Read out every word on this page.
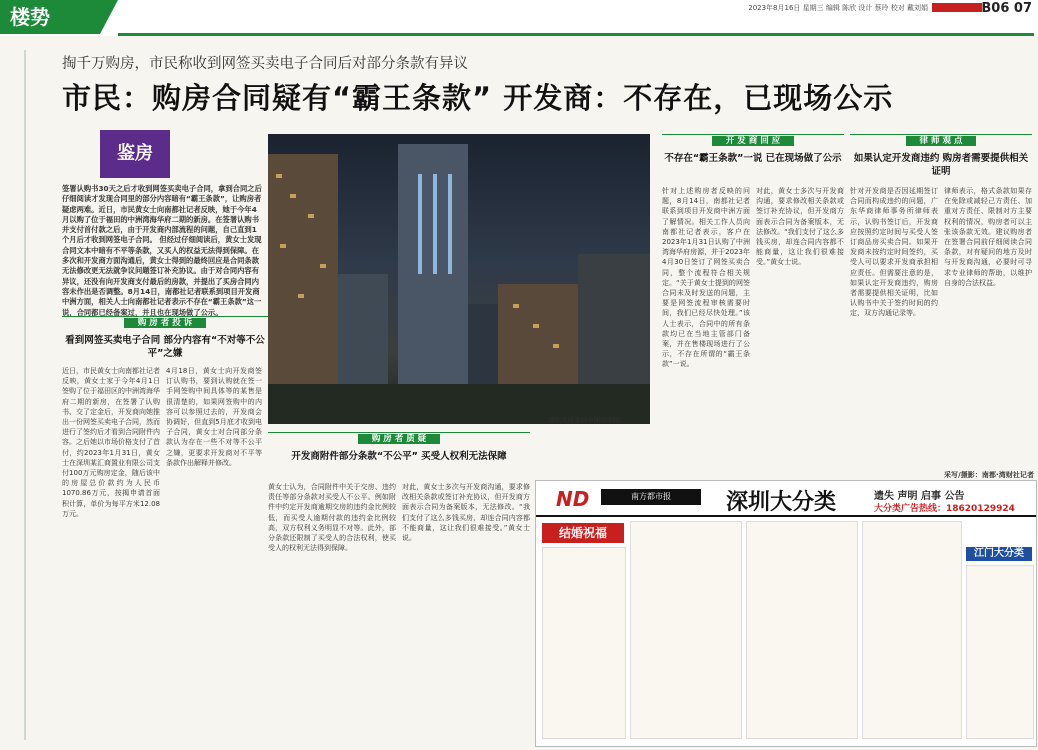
楼势	2023年8月16日 星期三 编辑 陈欣 设计 蔡玲 校对 戴刘娟	B06 07
掏千万购房，市民称收到网签买卖电子合同后对部分条款有异议
市民：购房合同疑有“霸王条款” 开发商：不存在，已现场公示
鉴房
签署认购书30天之后才收到网签买卖电子合同，拿到合同之后仔细阅读才发现合同里的部分内容暗有“霸王条款”，让购房者疑虑两难。近日，市民黄女士向南都社记者反映，她于今年4月以购了位于福田的中洲湾海华府二期的新房。在签署认购书并支付首付款之后，由于开发商内部流程的问题，自己直到1个月后才收到网签电子合同。 但经过仔细阅读后，黄女士发现合同文本中暗有不平等条款，又买人的权益无法得到保障。在多次和开发商方面沟通后，黄女士得到的最终回应是合同条款无法修改更无法就争议问题签订补充协议。由于对合同内容有异议，还没有向开发商支付最后的房款，并提出了买房合同内容未作出是否调整。8月14日，南都社记者联系到项目开发商中洲方面，相关人士向南都社记者表示不存在“霸王条款”这一说，合同都已经备案过，并且也在现场做了公示。
购 房 者 投 诉
看到网签买卖电子合同 部分内容有“不对等不公平”之嫌
近日，市民黄女士向南都社记者反映，黄女士家于今年4月1日签购了位于福田区的中洲湾海华府二期的新房，在签署了认购书、交了定金后，开发商向她推出一份网签买卖电子合同，然而进行了签约后才看到合同附件内容。之后她以市场价格支付了首付，约2023年1月31日，黄女士在深圳某汇商置业有限公司支付100万元购房定金，随后该中的房屋总价款约为人民币1070.86万元，按揭申请首面积计算，单价为每平方米12.08万元。
4月18日，黄女士向开发商签订认购书，要到认购就在签一手网签购中间具体等的某售是很清楚的，如果网签购中的内容可以参照过去的，开发商会协调好，但直到5月底才收到电子合同，黄女士对合同部分条款认为存在一些不对等不公平之嫌，更要求开发商对不平等条款作出解释并修改。
深圳大道旁的中洲湾项目。
开 发 商 回 应
不存在“霸王条款”一说 已在现场做了公示
针对上述购房者反映的问题，8月14日，南都社记者联系到项目开发商中洲方面了解情况。相关工作人员向南都社记者表示，客户在2023年1月31日认购了中洲湾海华府房源，并于2023年4月30日签订了网签买卖合同，整个流程符合相关规定。“关于黄女士提到的网签合同未及时发送的问题，主要是网签流程审核需要时间，我们已经尽快处理。”该人士表示，合同中的所有条款均已在当地主管部门备案，并在售楼现场进行了公示，不存在所谓的“霸王条款”一说。
对此，黄女士多次与开发商沟通，要求修改相关条款或签订补充协议，但开发商方面表示合同为备案版本，无法修改。“我们支付了这么多钱买房，却连合同内容都不能商量，这让我们很难接受。”黄女士说。
律 师 观 点
如果认定开发商违约 购房者需要提供相关证明
针对开发商是否因延期签订合同而构成违约的问题，广东华商律师事务所律师表示，认购书签订后，开发商应按照约定时间与买受人签订商品房买卖合同。如果开发商未按约定时间签约，买受人可以要求开发商承担相应责任。但需要注意的是，如果认定开发商违约，购房者需要提供相关证明，比如认购书中关于签约时间的约定、双方沟通记录等。
律师表示，格式条款如果存在免除或减轻己方责任、加重对方责任、限制对方主要权利的情况，购房者可以主张该条款无效。建议购房者在签署合同前仔细阅读合同条款，对有疑问的地方及时与开发商沟通，必要时可寻求专业律师的帮助，以维护自身的合法权益。
采写/摄影：南都·湾财社记者
购 房 者 质 疑
开发商附件部分条款“不公平” 买受人权利无法保障
黄女士认为，合同附件中关于交房、违约责任等部分条款对买受人不公平。例如附件中约定开发商逾期交房的违约金比例较低，而买受人逾期付款的违约金比例较高，双方权利义务明显不对等。此外，部分条款还限制了买受人的合法权利，使买受人的权利无法得到保障。
对此，黄女士多次与开发商沟通，要求修改相关条款或签订补充协议，但开发商方面表示合同为备案版本，无法修改。“我们支付了这么多钱买房，却连合同内容都不能商量，这让我们很难接受。”黄女士说。
ND	南方都市报	深圳大分类	遗失 声明 启事 公告
大分类广告热线：18620129924
结婚祝福
江门大分类
